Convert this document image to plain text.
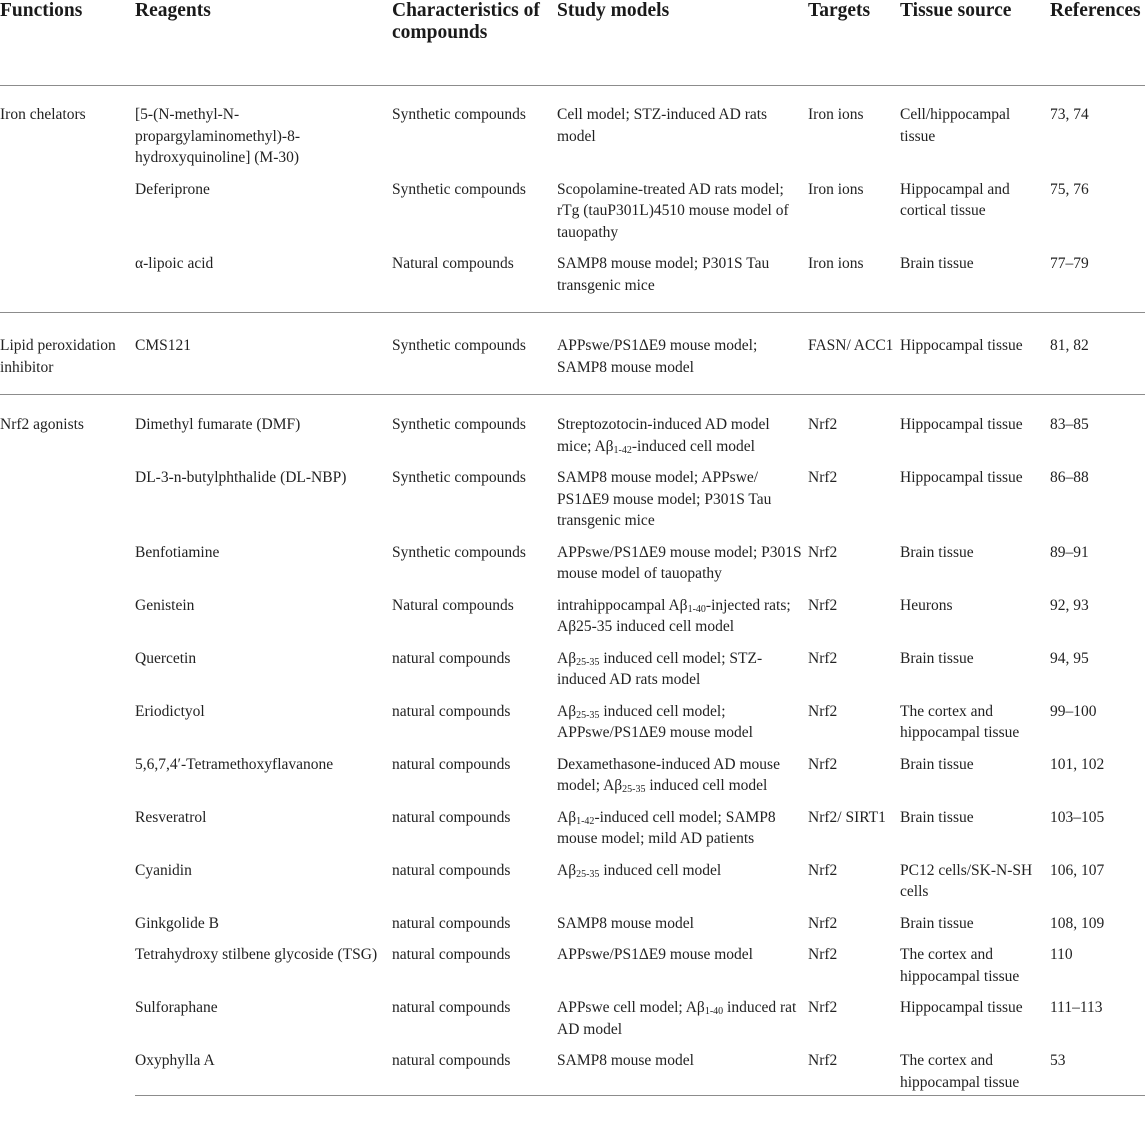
Functions	Reagents	Characteristics of compounds	Study models	Targets	Tissue source	References
Iron chelators	[5-(N-methyl-N-propargylaminomethyl)-8-hydroxyquinoline] (M-30)	Synthetic compounds	Cell model; STZ-induced AD rats model	Iron ions	Cell/hippocampal tissue	73, 74
	Deferiprone	Synthetic compounds	Scopolamine-treated AD rats model; rTg (tauP301L)4510 mouse model of tauopathy	Iron ions	Hippocampal and cortical tissue	75, 76
	α-lipoic acid	Natural compounds	SAMP8 mouse model; P301S Tau transgenic mice	Iron ions	Brain tissue	77–79
Lipid peroxidation inhibitor	CMS121	Synthetic compounds	APPswe/PS1ΔE9 mouse model; SAMP8 mouse model	FASN/ ACC1	Hippocampal tissue	81, 82
Nrf2 agonists	Dimethyl fumarate (DMF)	Synthetic compounds	Streptozotocin-induced AD model mice; $A\beta_{1-42}$-induced cell model	Nrf2	Hippocampal tissue	83–85
	DL-3-n-butylphthalide (DL-NBP)	Synthetic compounds	SAMP8 mouse model; APPswe/ PS1ΔE9 mouse model; P301S Tau transgenic mice	Nrf2	Hippocampal tissue	86–88
	Benfotiamine	Synthetic compounds	APPswe/PS1ΔE9 mouse model; P301S mouse model of tauopathy	Nrf2	Brain tissue	89–91
	Genistein	Natural compounds	intrahippocampal $A\beta_{1-40}$-injected rats; Aβ25-35 induced cell model	Nrf2	Heurons	92, 93
	Quercetin	natural compounds	$A\beta_{25-35}$ induced cell model; STZ-induced AD rats model	Nrf2	Brain tissue	94, 95
	Eriodictyol	natural compounds	$A\beta_{25-35}$ induced cell model; APPswe/PS1ΔE9 mouse model	Nrf2	The cortex and hippocampal tissue	99–100
	5,6,7,4′-Tetramethoxyflavanone	natural compounds	Dexamethasone-induced AD mouse model; $A\beta_{25-35}$ induced cell model	Nrf2	Brain tissue	101, 102
	Resveratrol	natural compounds	$A\beta_{1-42}$-induced cell model; SAMP8 mouse model; mild AD patients	Nrf2/ SIRT1	Brain tissue	103–105
	Cyanidin	natural compounds	$A\beta_{25-35}$ induced cell model	Nrf2	PC12 cells/SK-N-SH cells	106, 107
	Ginkgolide B	natural compounds	SAMP8 mouse model	Nrf2	Brain tissue	108, 109
	Tetrahydroxy stilbene glycoside (TSG)	natural compounds	APPswe/PS1ΔE9 mouse model	Nrf2	The cortex and hippocampal tissue	110
	Sulforaphane	natural compounds	APPswe cell model; $A\beta_{1-40}$ induced rat AD model	Nrf2	Hippocampal tissue	111–113
	Oxyphylla A	natural compounds	SAMP8 mouse model	Nrf2	The cortex and hippocampal tissue	53
